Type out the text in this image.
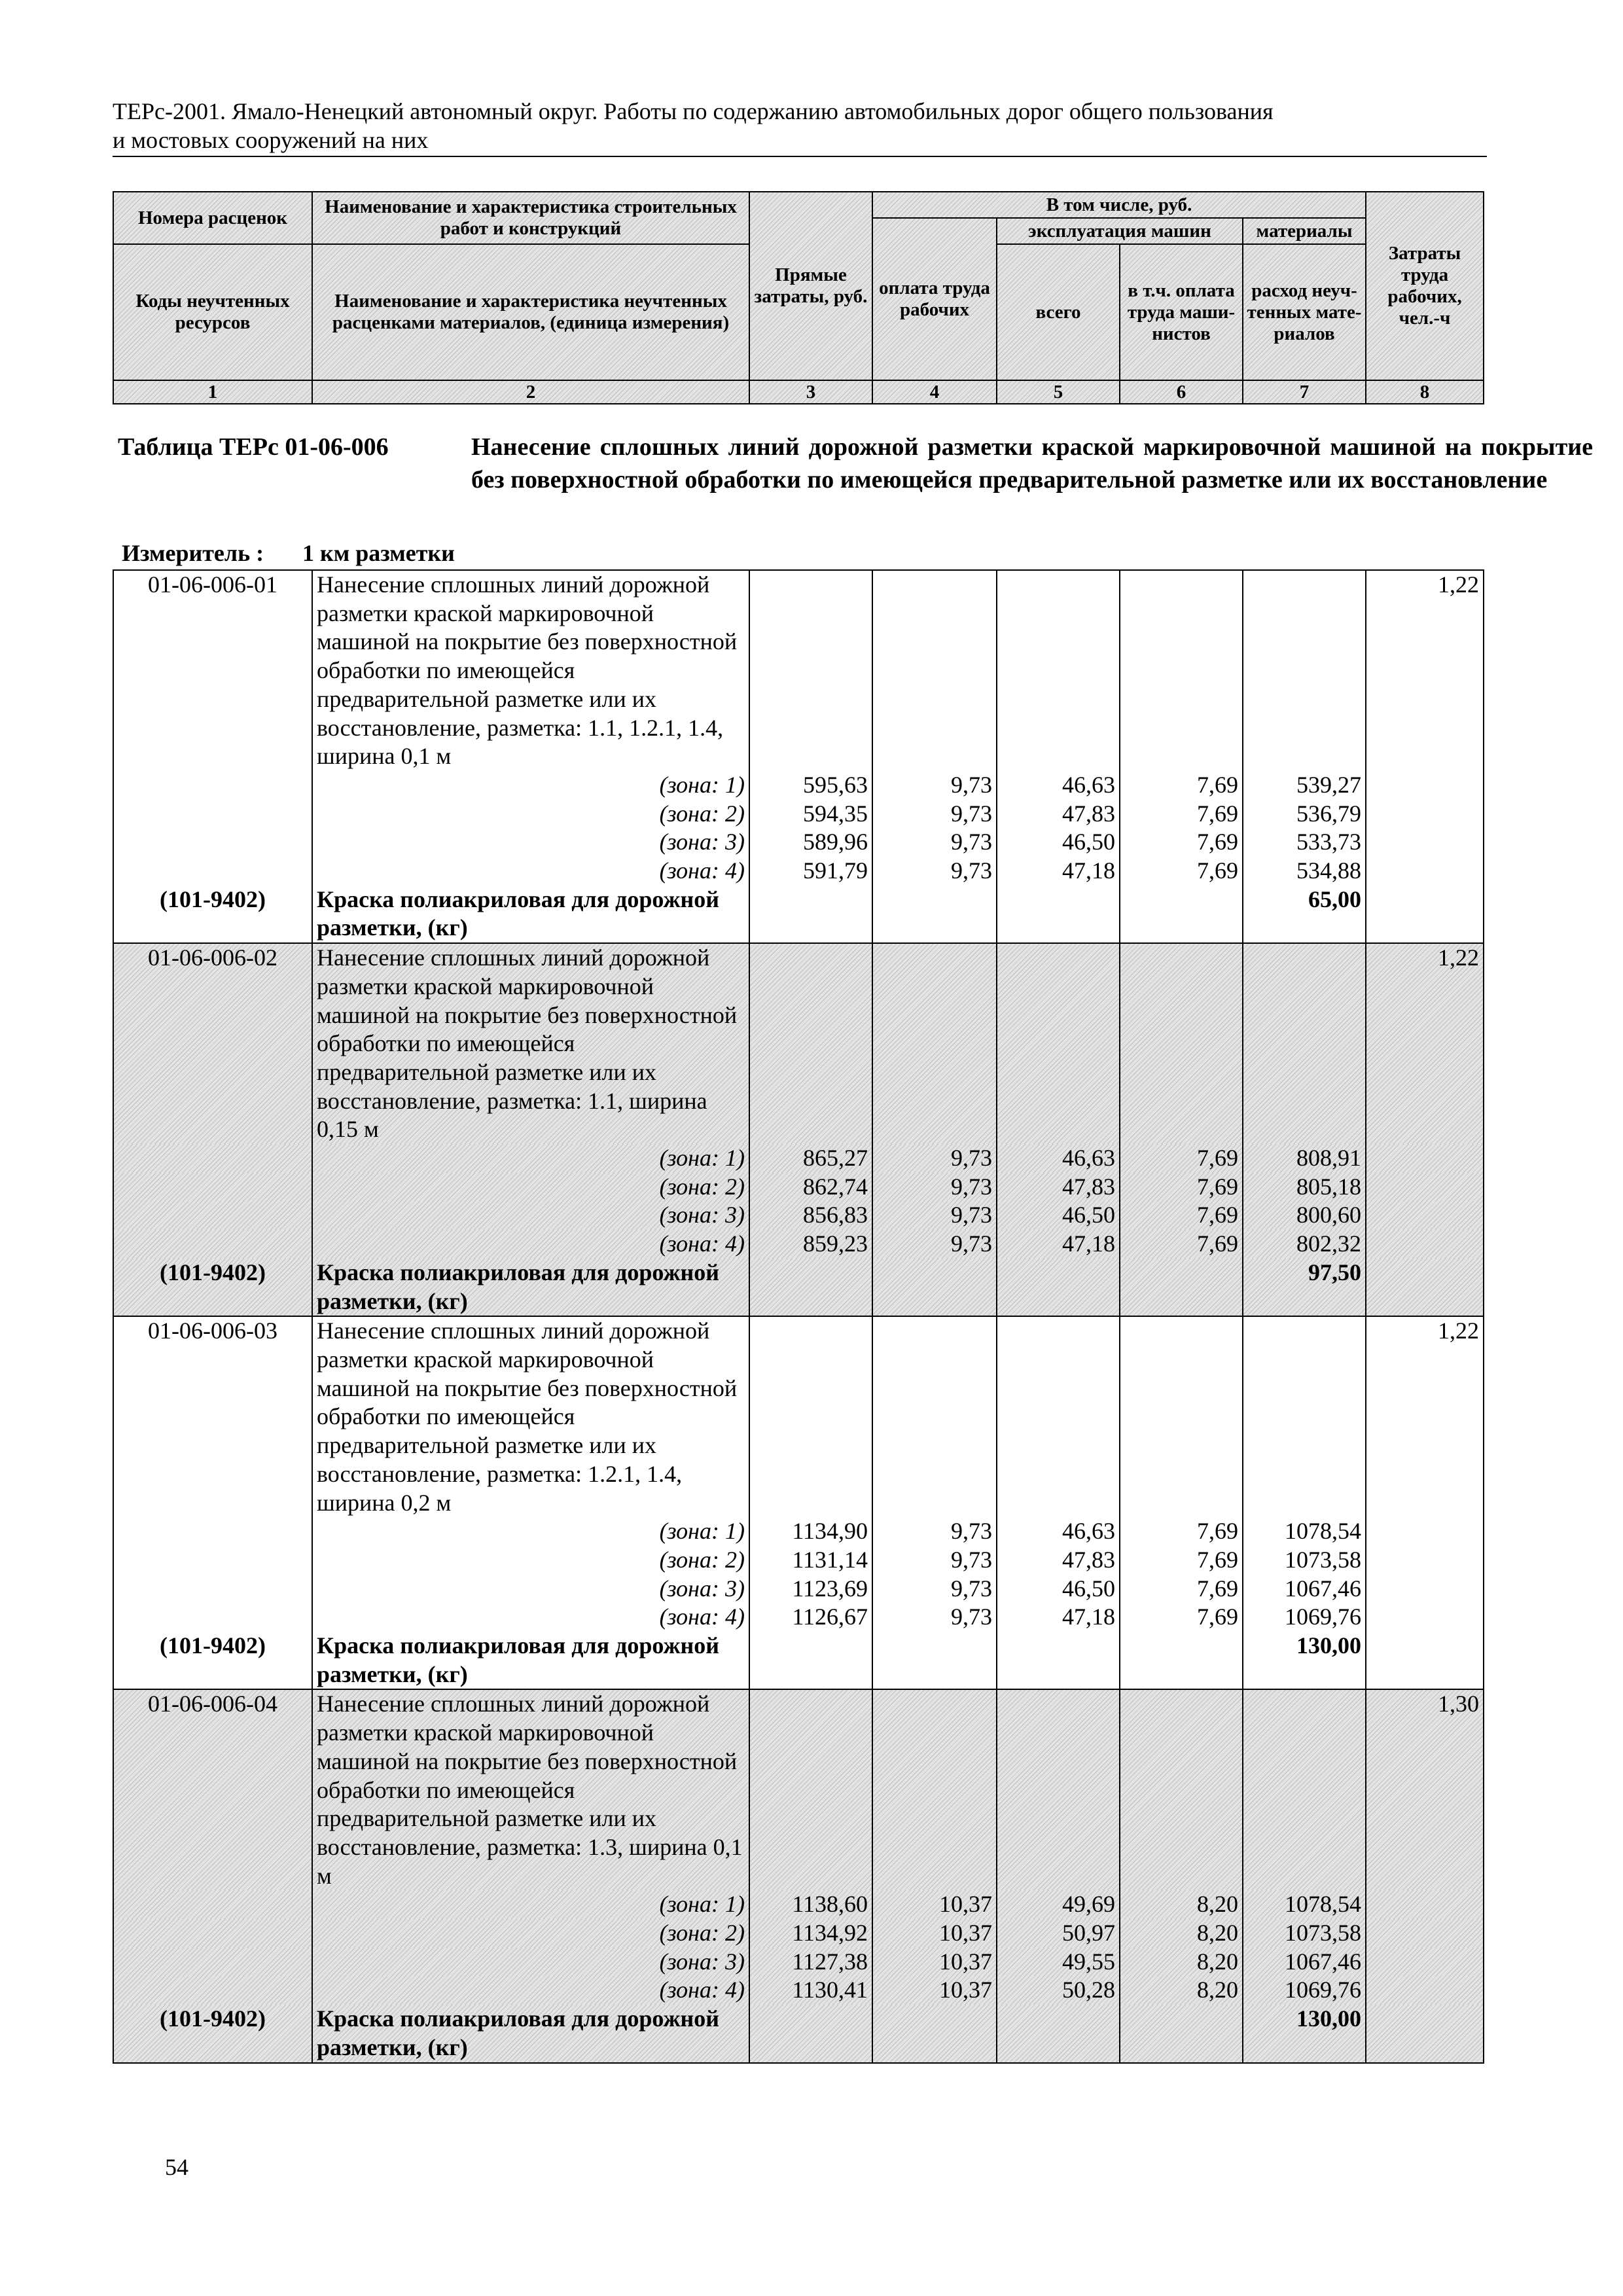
ТЕРс-2001. Ямало-Ненецкий автономный округ. Работы по содержанию автомобильных дорог общего пользования
и мостовых сооружений на них
Номера расценок	Наименование и характеристика строительных работ и конструкций	Прямые затраты, руб.	В том числе, руб.				Затраты труда рабочих, чел.-ч
			оплата труда рабочих	эксплуатация машин		материалы	
Коды неучтенных ресурсов	Наименование и характеристика неучтенных расценками материалов, (единица измерения)			всего	в т.ч. оплата труда маши-нистов	расход неуч-тенных мате-риалов	

1	2	3	4	5	6	7	8
Таблица ТЕРс 01-06-006	Нанесение сплошных линий дорожной разметки краской маркировочной машиной на покрытие без поверхностной обработки по имеющейся предварительной разметке или их восстановление
Измеритель : 1 км разметки
01-06-006-01	Нанесение сплошных линий дорожной разметки краской маркировочной машиной на покрытие без поверхностной обработки по имеющейся предварительной разметке или их восстановление, разметка: 1.1, 1.2.1, 1.4, ширина 0,1 м						1,22
	(зона: 1)	595,63	9,73	46,63	7,69	539,27	
	(зона: 2)	594,35	9,73	47,83	7,69	536,79	
	(зона: 3)	589,96	9,73	46,50	7,69	533,73	
	(зона: 4)	591,79	9,73	47,18	7,69	534,88	
(101-9402)	Краска полиакриловая для дорожной разметки, (кг)					65,00	
01-06-006-02	Нанесение сплошных линий дорожной разметки краской маркировочной машиной на покрытие без поверхностной обработки по имеющейся предварительной разметке или их восстановление, разметка: 1.1, ширина 0,15 м						1,22
	(зона: 1)	865,27	9,73	46,63	7,69	808,91	
	(зона: 2)	862,74	9,73	47,83	7,69	805,18	
	(зона: 3)	856,83	9,73	46,50	7,69	800,60	
	(зона: 4)	859,23	9,73	47,18	7,69	802,32	
(101-9402)	Краска полиакриловая для дорожной разметки, (кг)					97,50	
01-06-006-03	Нанесение сплошных линий дорожной разметки краской маркировочной машиной на покрытие без поверхностной обработки по имеющейся предварительной разметке или их восстановление, разметка: 1.2.1, 1.4, ширина 0,2 м						1,22
	(зона: 1)	1134,90	9,73	46,63	7,69	1078,54	
	(зона: 2)	1131,14	9,73	47,83	7,69	1073,58	
	(зона: 3)	1123,69	9,73	46,50	7,69	1067,46	
	(зона: 4)	1126,67	9,73	47,18	7,69	1069,76	
(101-9402)	Краска полиакриловая для дорожной разметки, (кг)					130,00	
01-06-006-04	Нанесение сплошных линий дорожной разметки краской маркировочной машиной на покрытие без поверхностной обработки по имеющейся предварительной разметке или их восстановление, разметка: 1.3, ширина 0,1 м						1,30
	(зона: 1)	1138,60	10,37	49,69	8,20	1078,54	
	(зона: 2)	1134,92	10,37	50,97	8,20	1073,58	
	(зона: 3)	1127,38	10,37	49,55	8,20	1067,46	
	(зона: 4)	1130,41	10,37	50,28	8,20	1069,76	
(101-9402)	Краска полиакриловая для дорожной разметки, (кг)					130,00	
54
